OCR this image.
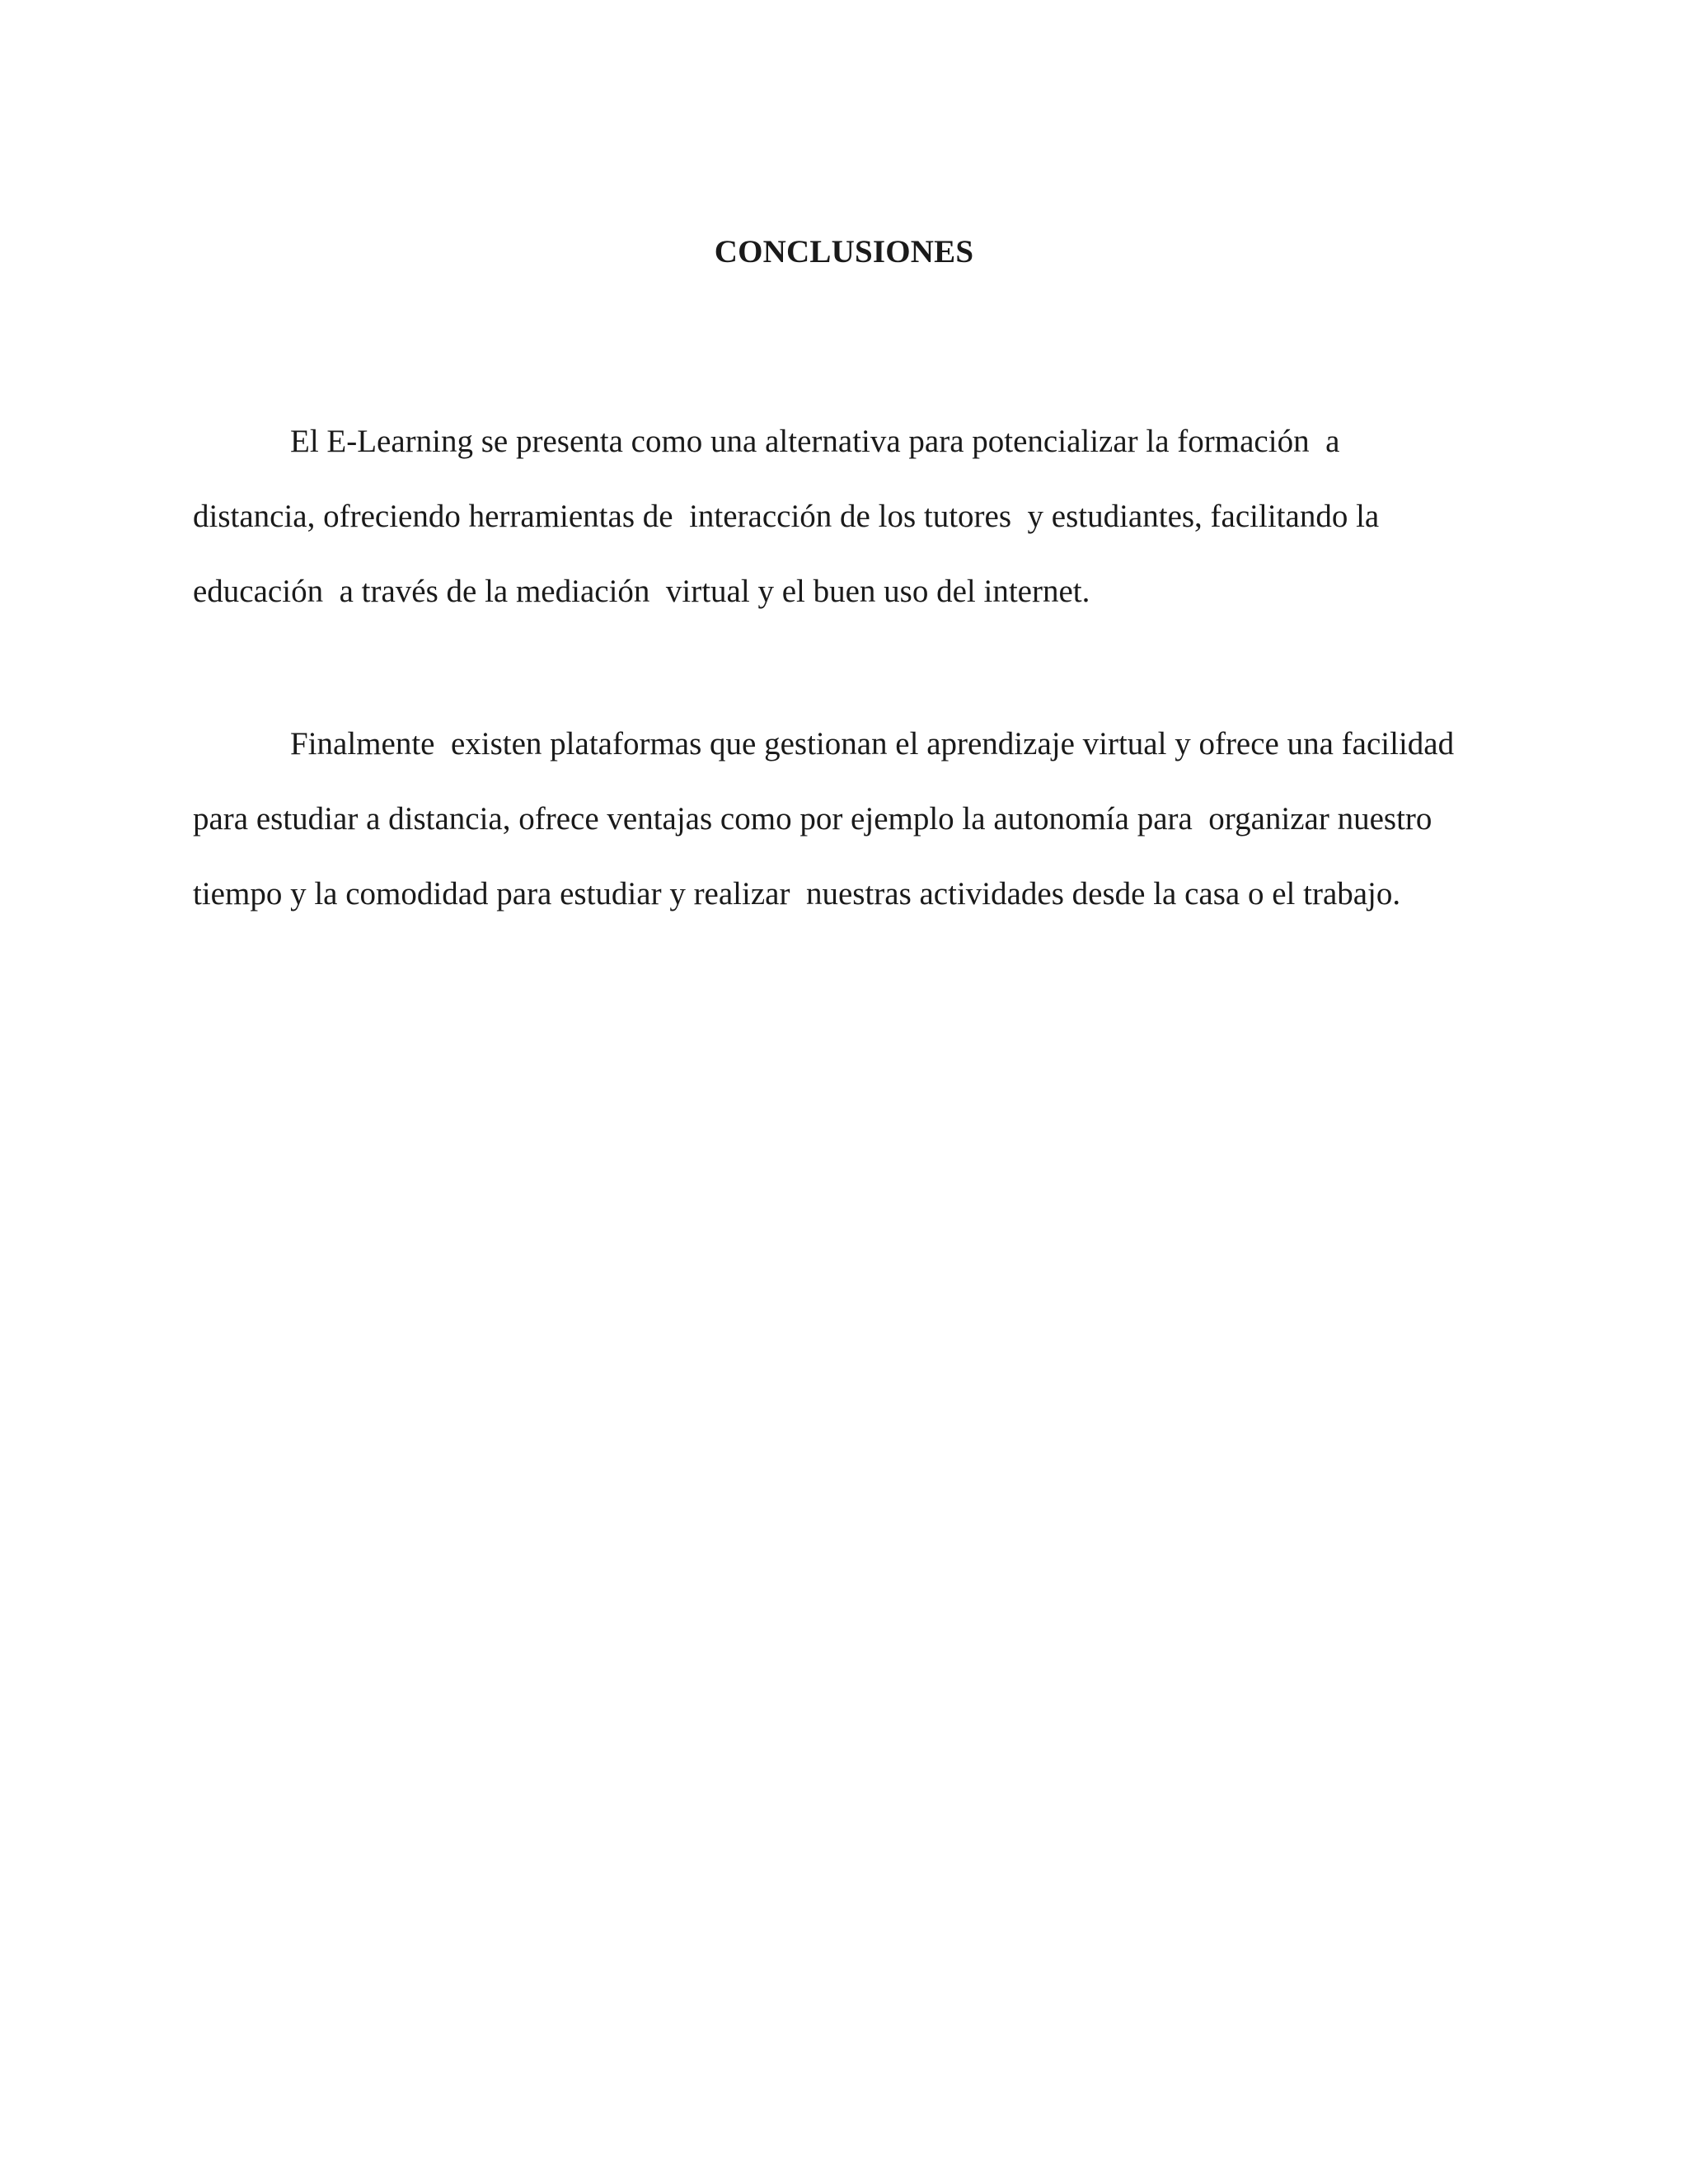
CONCLUSIONES
El E-Learning se presenta como una alternativa para potencializar la formación  a
distancia, ofreciendo herramientas de  interacción de los tutores  y estudiantes, facilitando la
educación  a través de la mediación  virtual y el buen uso del internet.
Finalmente  existen plataformas que gestionan el aprendizaje virtual y ofrece una facilidad
para estudiar a distancia, ofrece ventajas como por ejemplo la autonomía para  organizar nuestro
tiempo y la comodidad para estudiar y realizar  nuestras actividades desde la casa o el trabajo.
